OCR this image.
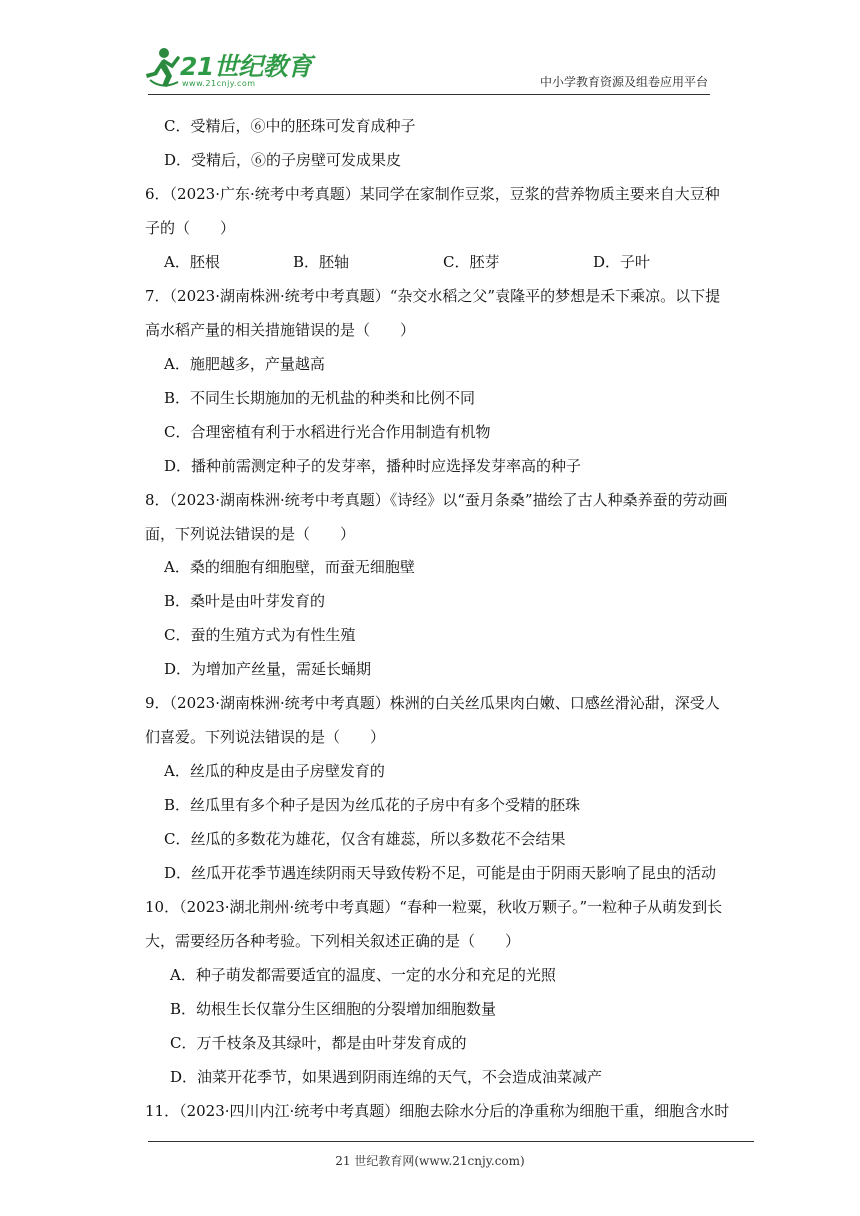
21世纪教育
www.21cnjy.com	中小学教育资源及组卷应用平台
C．受精后，⑥中的胚珠可发育成种子
D．受精后，⑥的子房壁可发成果皮
6．（2023·广东·统考中考真题）某同学在家制作豆浆，豆浆的营养物质主要来自大豆种
子的（　　）
A．胚根	B．胚轴	C．胚芽	D．子叶
7．（2023·湖南株洲·统考中考真题）“杂交水稻之父”袁隆平的梦想是禾下乘凉。以下提
高水稻产量的相关措施错误的是（　　）
A．施肥越多，产量越高
B．不同生长期施加的无机盐的种类和比例不同
C．合理密植有利于水稻进行光合作用制造有机物
D．播种前需测定种子的发芽率，播种时应选择发芽率高的种子
8．（2023·湖南株洲·统考中考真题）《诗经》以“蚕月条桑”描绘了古人种桑养蚕的劳动画
面，下列说法错误的是（　　）
A．桑的细胞有细胞壁，而蚕无细胞壁
B．桑叶是由叶芽发育的
C．蚕的生殖方式为有性生殖
D．为增加产丝量，需延长蛹期
9．（2023·湖南株洲·统考中考真题）株洲的白关丝瓜果肉白嫩、口感丝滑沁甜，深受人
们喜爱。下列说法错误的是（　　）
A．丝瓜的种皮是由子房壁发育的
B．丝瓜里有多个种子是因为丝瓜花的子房中有多个受精的胚珠
C．丝瓜的多数花为雄花，仅含有雄蕊，所以多数花不会结果
D．丝瓜开花季节遇连续阴雨天导致传粉不足，可能是由于阴雨天影响了昆虫的活动
10．（2023·湖北荆州·统考中考真题）“春种一粒粟，秋收万颗子。”一粒种子从萌发到长
大，需要经历各种考验。下列相关叙述正确的是（　　）
A．种子萌发都需要适宜的温度、一定的水分和充足的光照
B．幼根生长仅靠分生区细胞的分裂增加细胞数量
C．万千枝条及其绿叶，都是由叶芽发育成的
D．油菜开花季节，如果遇到阴雨连绵的天气，不会造成油菜减产
11．（2023·四川内江·统考中考真题）细胞去除水分后的净重称为细胞干重，细胞含水时
21 世纪教育网(www.21cnjy.com)
